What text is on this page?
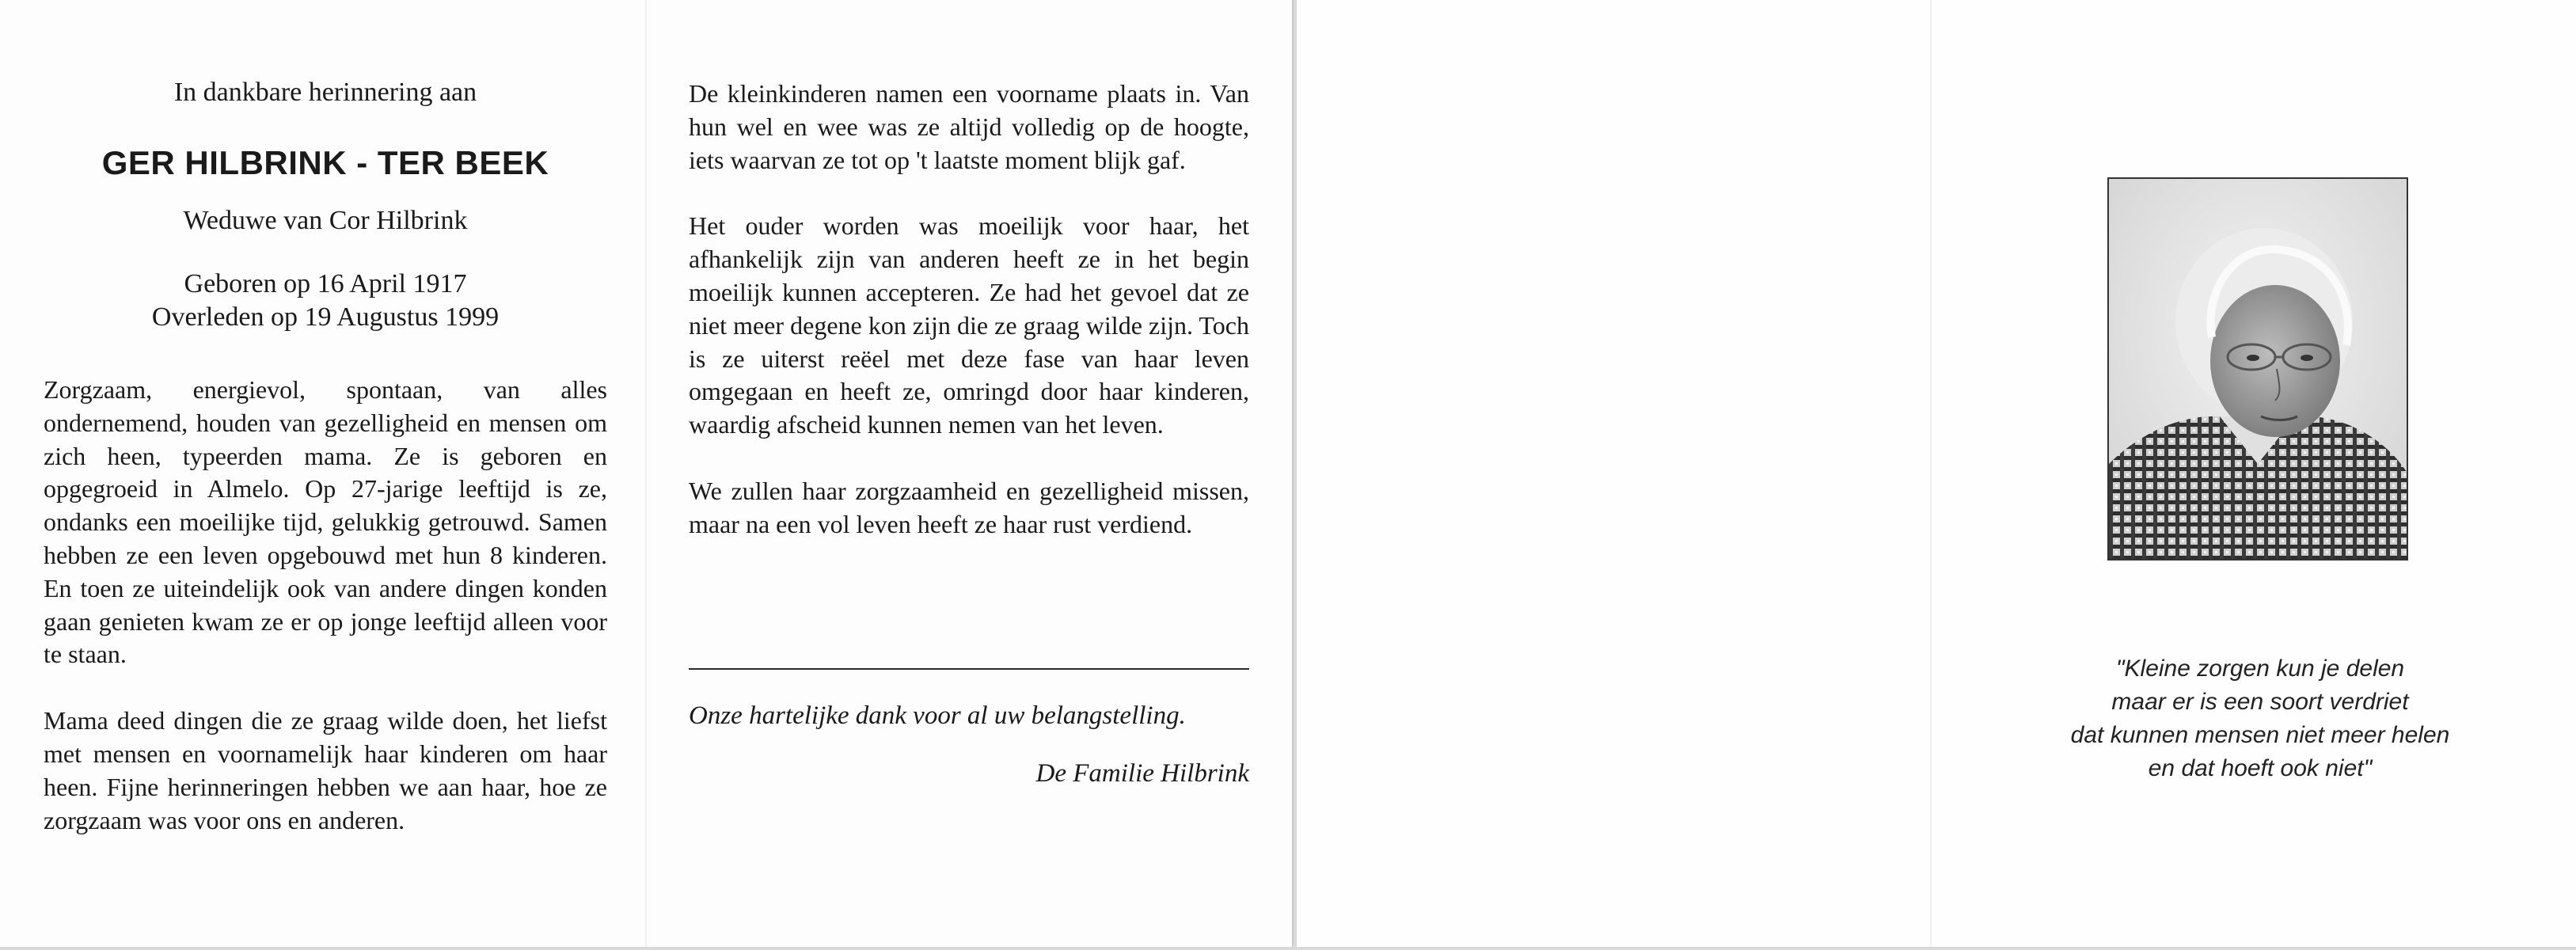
In dankbare herinnering aan
GER HILBRINK - TER BEEK
Weduwe van Cor Hilbrink
Geboren op 16 April 1917
Overleden op 19 Augustus 1999

Zorgzaam, energievol, spontaan, van alles ondernemend, houden van gezelligheid en mensen om zich heen, typeerden mama. Ze is geboren en opgegroeid in Almelo. Op 27-jarige leeftijd is ze, ondanks een moeilijke tijd, gelukkig getrouwd. Samen hebben ze een leven opgebouwd met hun 8 kinderen. En toen ze uiteindelijk ook van andere dingen konden gaan genieten kwam ze er op jonge leeftijd alleen voor te staan.

Mama deed dingen die ze graag wilde doen, het liefst met mensen en voornamelijk haar kinderen om haar heen. Fijne herinneringen hebben we aan haar, hoe ze zorgzaam was voor ons en anderen.

De kleinkinderen namen een voorname plaats in. Van hun wel en wee was ze altijd volledig op de hoogte, iets waarvan ze tot op 't laatste moment blijk gaf.

Het ouder worden was moeilijk voor haar, het afhankelijk zijn van anderen heeft ze in het begin moeilijk kunnen accepteren. Ze had het gevoel dat ze niet meer degene kon zijn die ze graag wilde zijn. Toch is ze uiterst reëel met deze fase van haar leven omgegaan en heeft ze, omringd door haar kinderen, waardig afscheid kunnen nemen van het leven.

We zullen haar zorgzaamheid en gezelligheid missen, maar na een vol leven heeft ze haar rust verdiend.

Onze hartelijke dank voor al uw belangstelling.
De Familie Hilbrink
"Kleine zorgen kun je delen
maar er is een soort verdriet
dat kunnen mensen niet meer helen
en dat hoeft ook niet"
